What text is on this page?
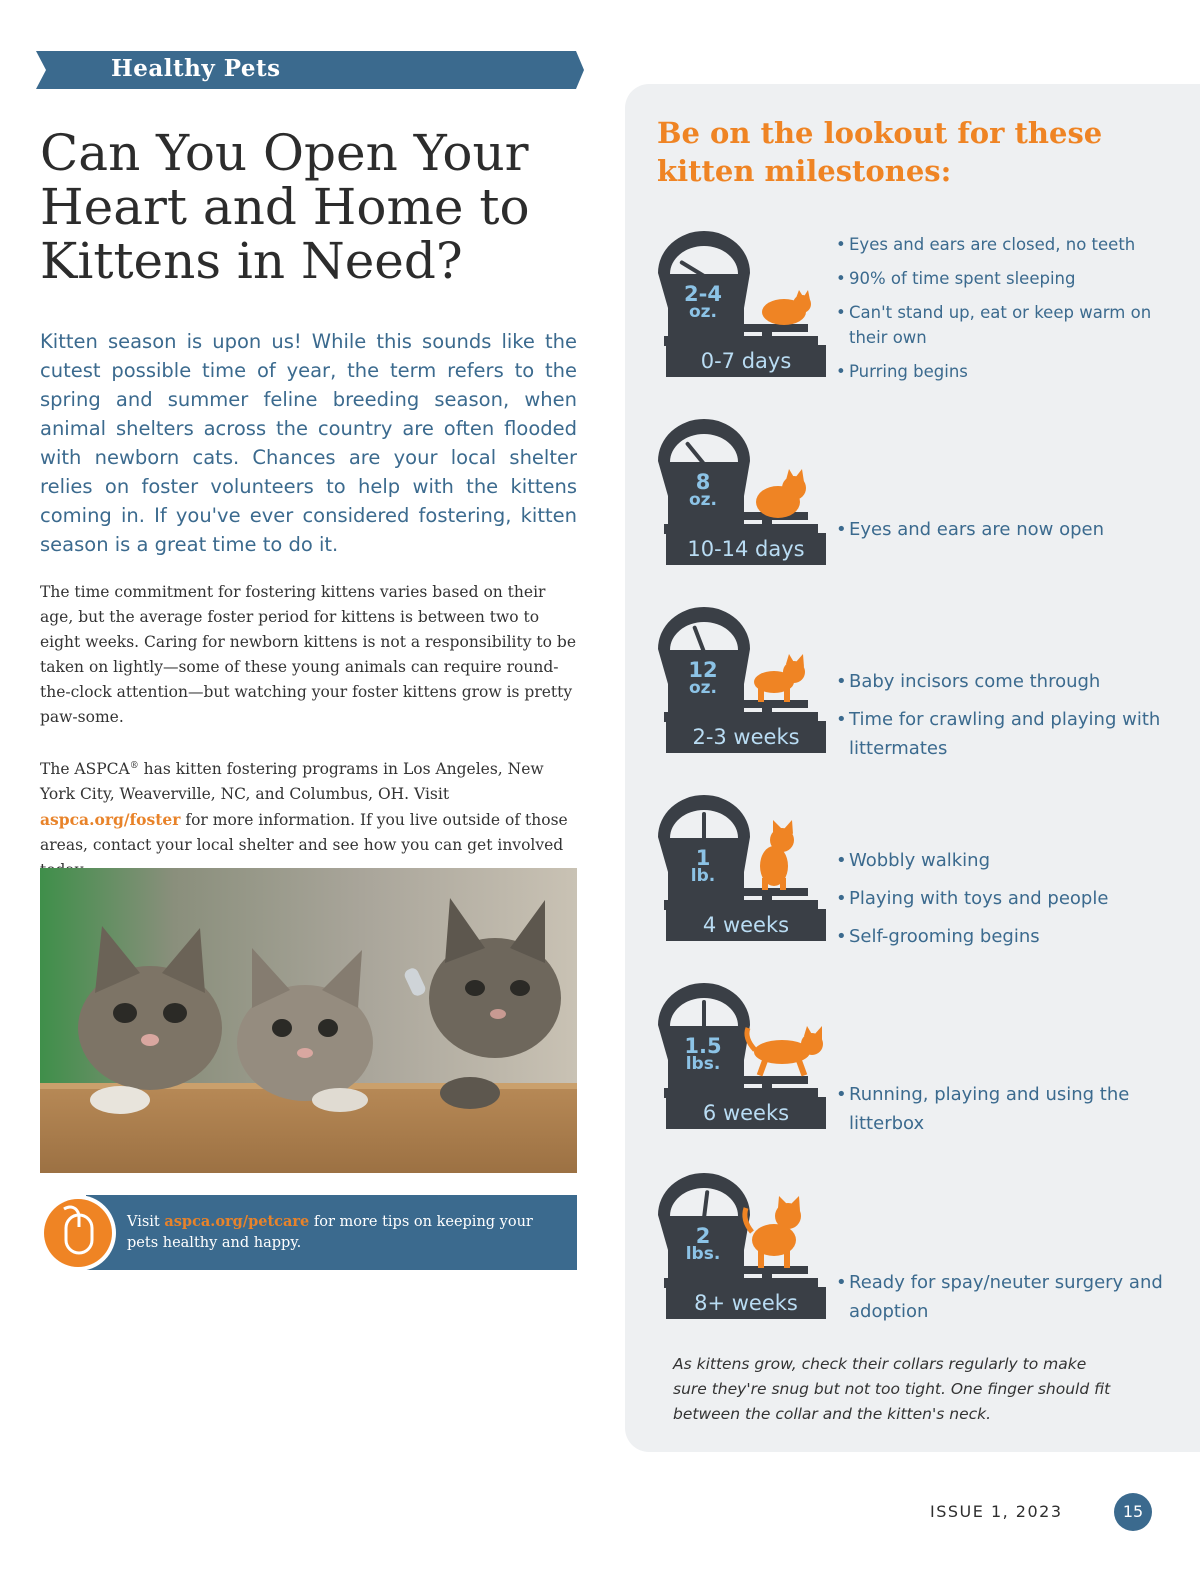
Healthy Pets
Can You Open Your Heart and Home to Kittens in Need?

Kitten season is upon us! While this sounds like the cutest possible time of year, the term refers to the spring and summer feline breeding season, when animal shelters across the country are often flooded with newborn cats. Chances are your local shelter relies on foster volunteers to help with the kittens coming in. If you've ever considered fostering, kitten season is a great time to do it.

The time commitment for fostering kittens varies based on their age, but the average foster period for kittens is between two to eight weeks. Caring for newborn kittens is not a responsibility to be taken on lightly—some of these young animals can require round-the-clock attention—but watching your foster kittens grow is pretty paw-some.

The ASPCA® has kitten fostering programs in Los Angeles, New York City, Weaverville, NC, and Columbus, OH. Visit aspca.org/foster for more information. If you live outside of those areas, contact your local shelter and see how you can get involved

Visit aspca.org/petcare for more tips on keeping your pets healthy and happy.

Be on the lookout for these kitten milestones:
2-4
oz.
0-7 days
• Eyes and ears are closed, no teeth
• 90% of time spent sleeping
• Can't stand up, eat or keep warm on their own
• Purring begins
8
oz.
10-14 days
• Eyes and ears are now open
12
oz.
2-3 weeks
• Baby incisors come through
• Time for crawling and playing with littermates
1
lb.
4 weeks
• Wobbly walking
• Playing with toys and people
• Self-grooming begins
1.5
lbs.
6 weeks
• Running, playing and using the litterbox
2
lbs.
8+ weeks
• Ready for spay/neuter surgery and adoption

As kittens grow, check their collars regularly to make sure they're snug but not too tight. One finger should fit between the collar and the kitten's neck.

ISSUE 1, 2023	15
